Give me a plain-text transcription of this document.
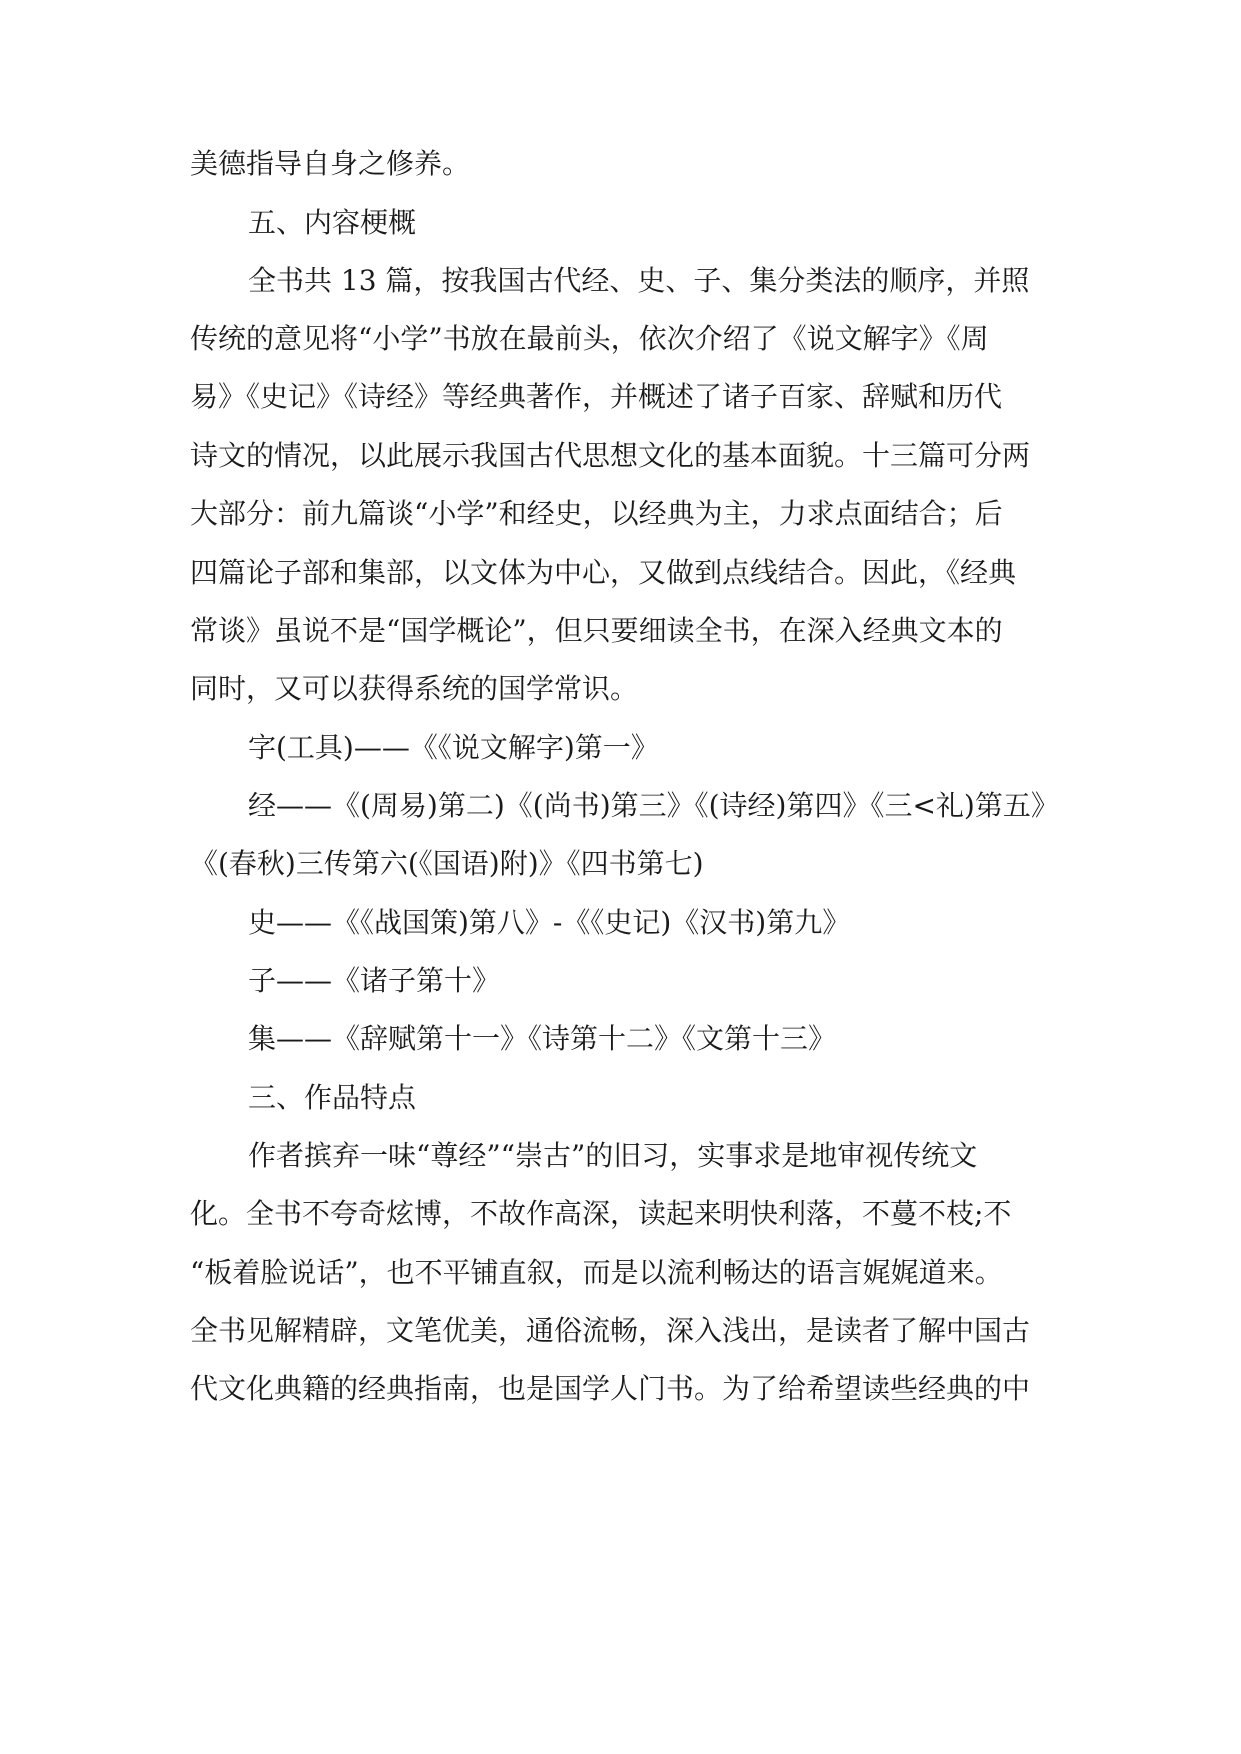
美德指导自身之修养。

五、内容梗概

全书共 13 篇，按我国古代经、史、子、集分类法的顺序，并照

传统的意见将“小学”书放在最前头，依次介绍了《说文解字》《周

易》《史记》《诗经》等经典著作，并概述了诸子百家、辞赋和历代

诗文的情况，以此展示我国古代思想文化的基本面貌。十三篇可分两

大部分：前九篇谈“小学”和经史，以经典为主，力求点面结合；后

四篇论子部和集部，以文体为中心，又做到点线结合。因此，《经典

常谈》虽说不是“国学概论”，但只要细读全书，在深入经典文本的

同时，又可以获得系统的国学常识。

字(工具)——《《说文解字)第一》

经——《(周易)第二)《(尚书)第三》《(诗经)第四》《三<礼)第五》

《(春秋)三传第六(《国语)附)》《四书第七)

史——《《战国策)第八》-《《史记)《汉书)第九》

子——《诸子第十》

集——《辞赋第十一》《诗第十二》《文第十三》

三、作品特点

作者摈弃一味“尊经”“崇古”的旧习，实事求是地审视传统文

化。全书不夸奇炫博，不故作高深，读起来明快利落，不蔓不枝;不

“板着脸说话”，也不平铺直叙，而是以流利畅达的语言娓娓道来。

全书见解精辟，文笔优美，通俗流畅，深入浅出，是读者了解中国古

代文化典籍的经典指南，也是国学人门书。为了给希望读些经典的中
